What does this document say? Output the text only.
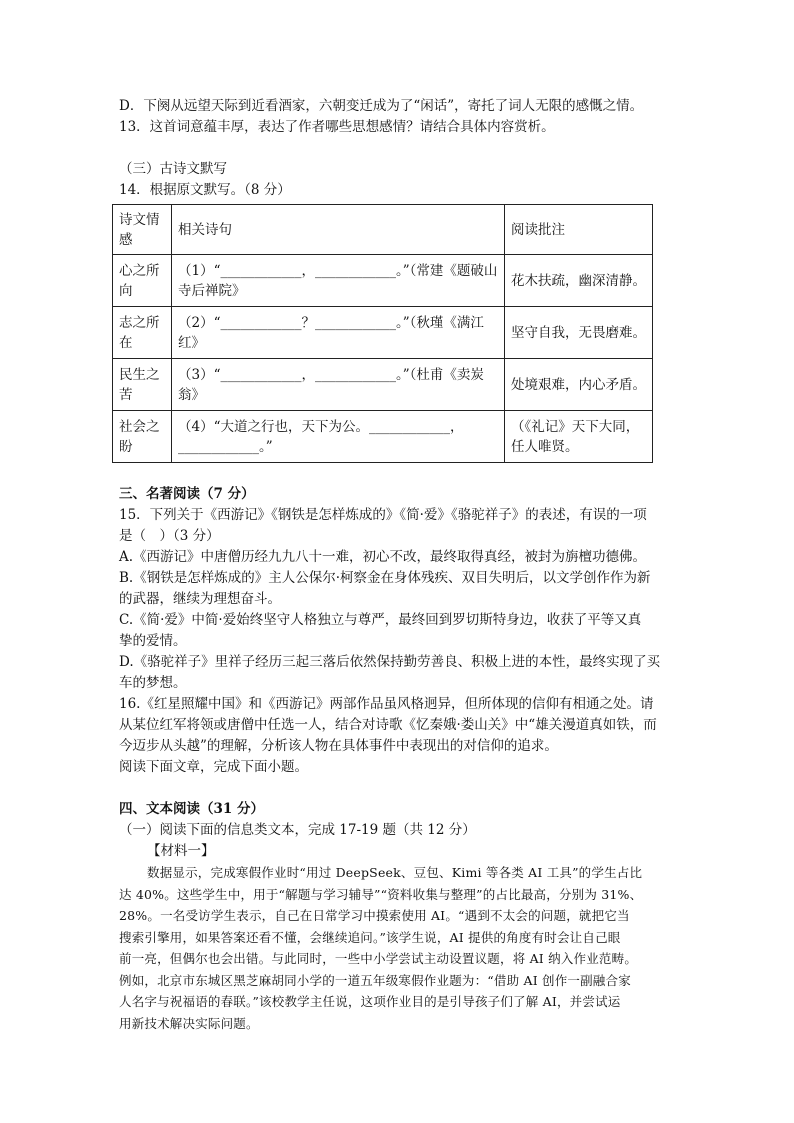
D．下阕从远望天际到近看酒家，六朝变迁成为了“闲话”，寄托了词人无限的感慨之情。

13．这首词意蕴丰厚，表达了作者哪些思想感情？请结合具体内容赏析。

（三）古诗文默写

14．根据原文默写。（8 分）

诗文情感	相关诗句	阅读批注
心之所向	（1）“____________，____________。”（常建《题破山寺后禅院》	花木扶疏，幽深清静。
志之所在	（2）“____________？____________。”（秋瑾《满江红》	坚守自我，无畏磨难。
民生之苦	（3）“____________，____________。”（杜甫《卖炭翁》	处境艰难，内心矛盾。
社会之盼	（4）“大道之行也，天下为公。____________，____________。”	（《礼记》天下大同，任人唯贤。

三、名著阅读（7 分）

15．下列关于《西游记》《钢铁是怎样炼成的》《简·爱》《骆驼祥子》的表述，有误的一项

是（　）（3 分）

A.《西游记》中唐僧历经九九八十一难，初心不改，最终取得真经，被封为旃檀功德佛。

B.《钢铁是怎样炼成的》主人公保尔·柯察金在身体残疾、双目失明后，以文学创作作为新

的武器，继续为理想奋斗。

C.《简·爱》中简·爱始终坚守人格独立与尊严，最终回到罗切斯特身边，收获了平等又真

挚的爱情。

D.《骆驼祥子》里祥子经历三起三落后依然保持勤劳善良、积极上进的本性，最终实现了买

车的梦想。

16.《红星照耀中国》和《西游记》两部作品虽风格迥异，但所体现的信仰有相通之处。请

从某位红军将领或唐僧中任选一人，结合对诗歌《忆秦娥·娄山关》中“雄关漫道真如铁，而

今迈步从头越”的理解，分析该人物在具体事件中表现出的对信仰的追求。

阅读下面文章，完成下面小题。

四、文本阅读（31 分）

（一）阅读下面的信息类文本，完成 17-19 题（共 12 分）

【材料一】

数据显示，完成寒假作业时“用过 DeepSeek、豆包、Kimi 等各类 AI 工具”的学生占比

达 40%。这些学生中，用于“解题与学习辅导”“资料收集与整理”的占比最高，分别为 31%、

28%。一名受访学生表示，自己在日常学习中摸索使用 AI。“遇到不太会的问题，就把它当

搜索引擎用，如果答案还看不懂，会继续追问。”该学生说，AI 提供的角度有时会让自己眼

前一亮，但偶尔也会出错。与此同时，一些中小学尝试主动设置议题，将 AI 纳入作业范畴。

例如，北京市东城区黑芝麻胡同小学的一道五年级寒假作业题为：“借助 AI 创作一副融合家

人名字与祝福语的春联。”该校教学主任说，这项作业目的是引导孩子们了解 AI，并尝试运

用新技术解决实际问题。
